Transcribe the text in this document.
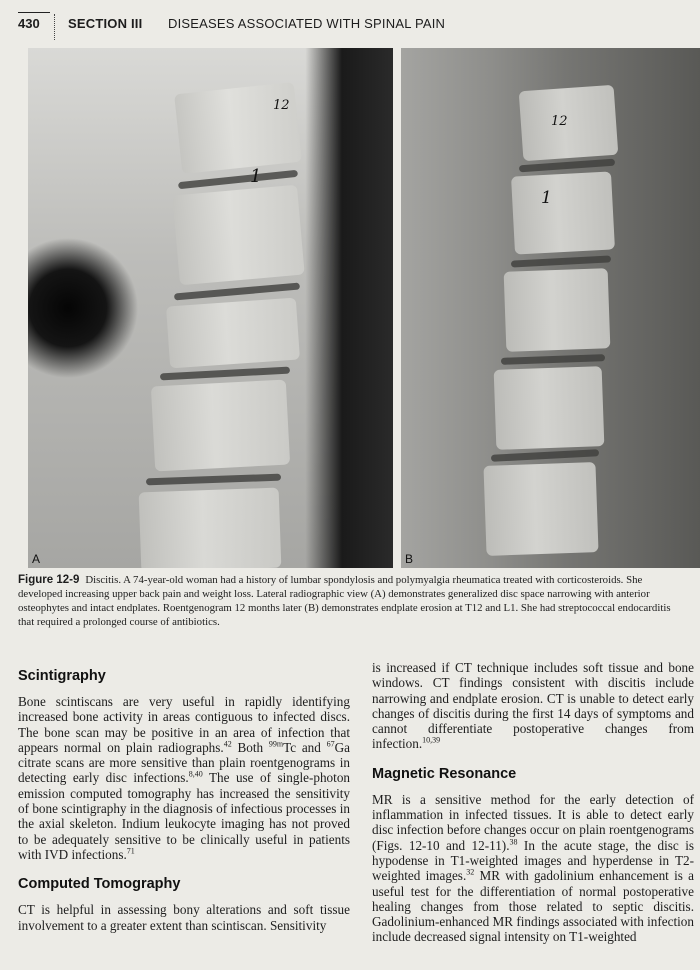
430 SECTION III DISEASES ASSOCIATED WITH SPINAL PAIN
12
1
A
12
1
B
Figure 12-9 Discitis. A 74-year-old woman had a history of lumbar spondylosis and polymyalgia rheumatica treated with corticosteroids. She developed increasing upper back pain and weight loss. Lateral radiographic view (A) demonstrates generalized disc space narrowing with anterior osteophytes and intact endplates. Roentgenogram 12 months later (B) demonstrates endplate erosion at T12 and L1. She had streptococcal endocarditis that required a prolonged course of antibiotics.
Scintigraphy

Bone scintiscans are very useful in rapidly identifying increased bone activity in areas contiguous to infected discs. The bone scan may be positive in an area of infection that appears normal on plain radiographs.$^{42}$ Both $^{99m}$Tc and $^{67}$Ga citrate scans are more sensitive than plain roentgenograms in detecting early disc infections.$^{8,40}$ The use of single-photon emission computed tomography has increased the sensitivity of bone scintigraphy in the diagnosis of infectious processes in the axial skeleton. Indium leukocyte imaging has not proved to be adequately sensitive to be clinically useful in patients with IVD infections.$^{71}$

Computed Tomography

CT is helpful in assessing bony alterations and soft tissue involvement to a greater extent than scintiscan. Sensitivity

is increased if CT technique includes soft tissue and bone windows. CT findings consistent with discitis include narrowing and endplate erosion. CT is unable to detect early changes of discitis during the first 14 days of symptoms and cannot differentiate postoperative changes from infection.$^{10,39}$

Magnetic Resonance

MR is a sensitive method for the early detection of inflammation in infected tissues. It is able to detect early disc infection before changes occur on plain roentgenograms (Figs. 12-10 and 12-11).$^{38}$ In the acute stage, the disc is hypodense in T1-weighted images and hyperdense in T2-weighted images.$^{32}$ MR with gadolinium enhancement is a useful test for the differentiation of normal postoperative healing changes from those related to septic discitis. Gadolinium-enhanced MR findings associated with infection include decreased signal intensity on T1-weighted
